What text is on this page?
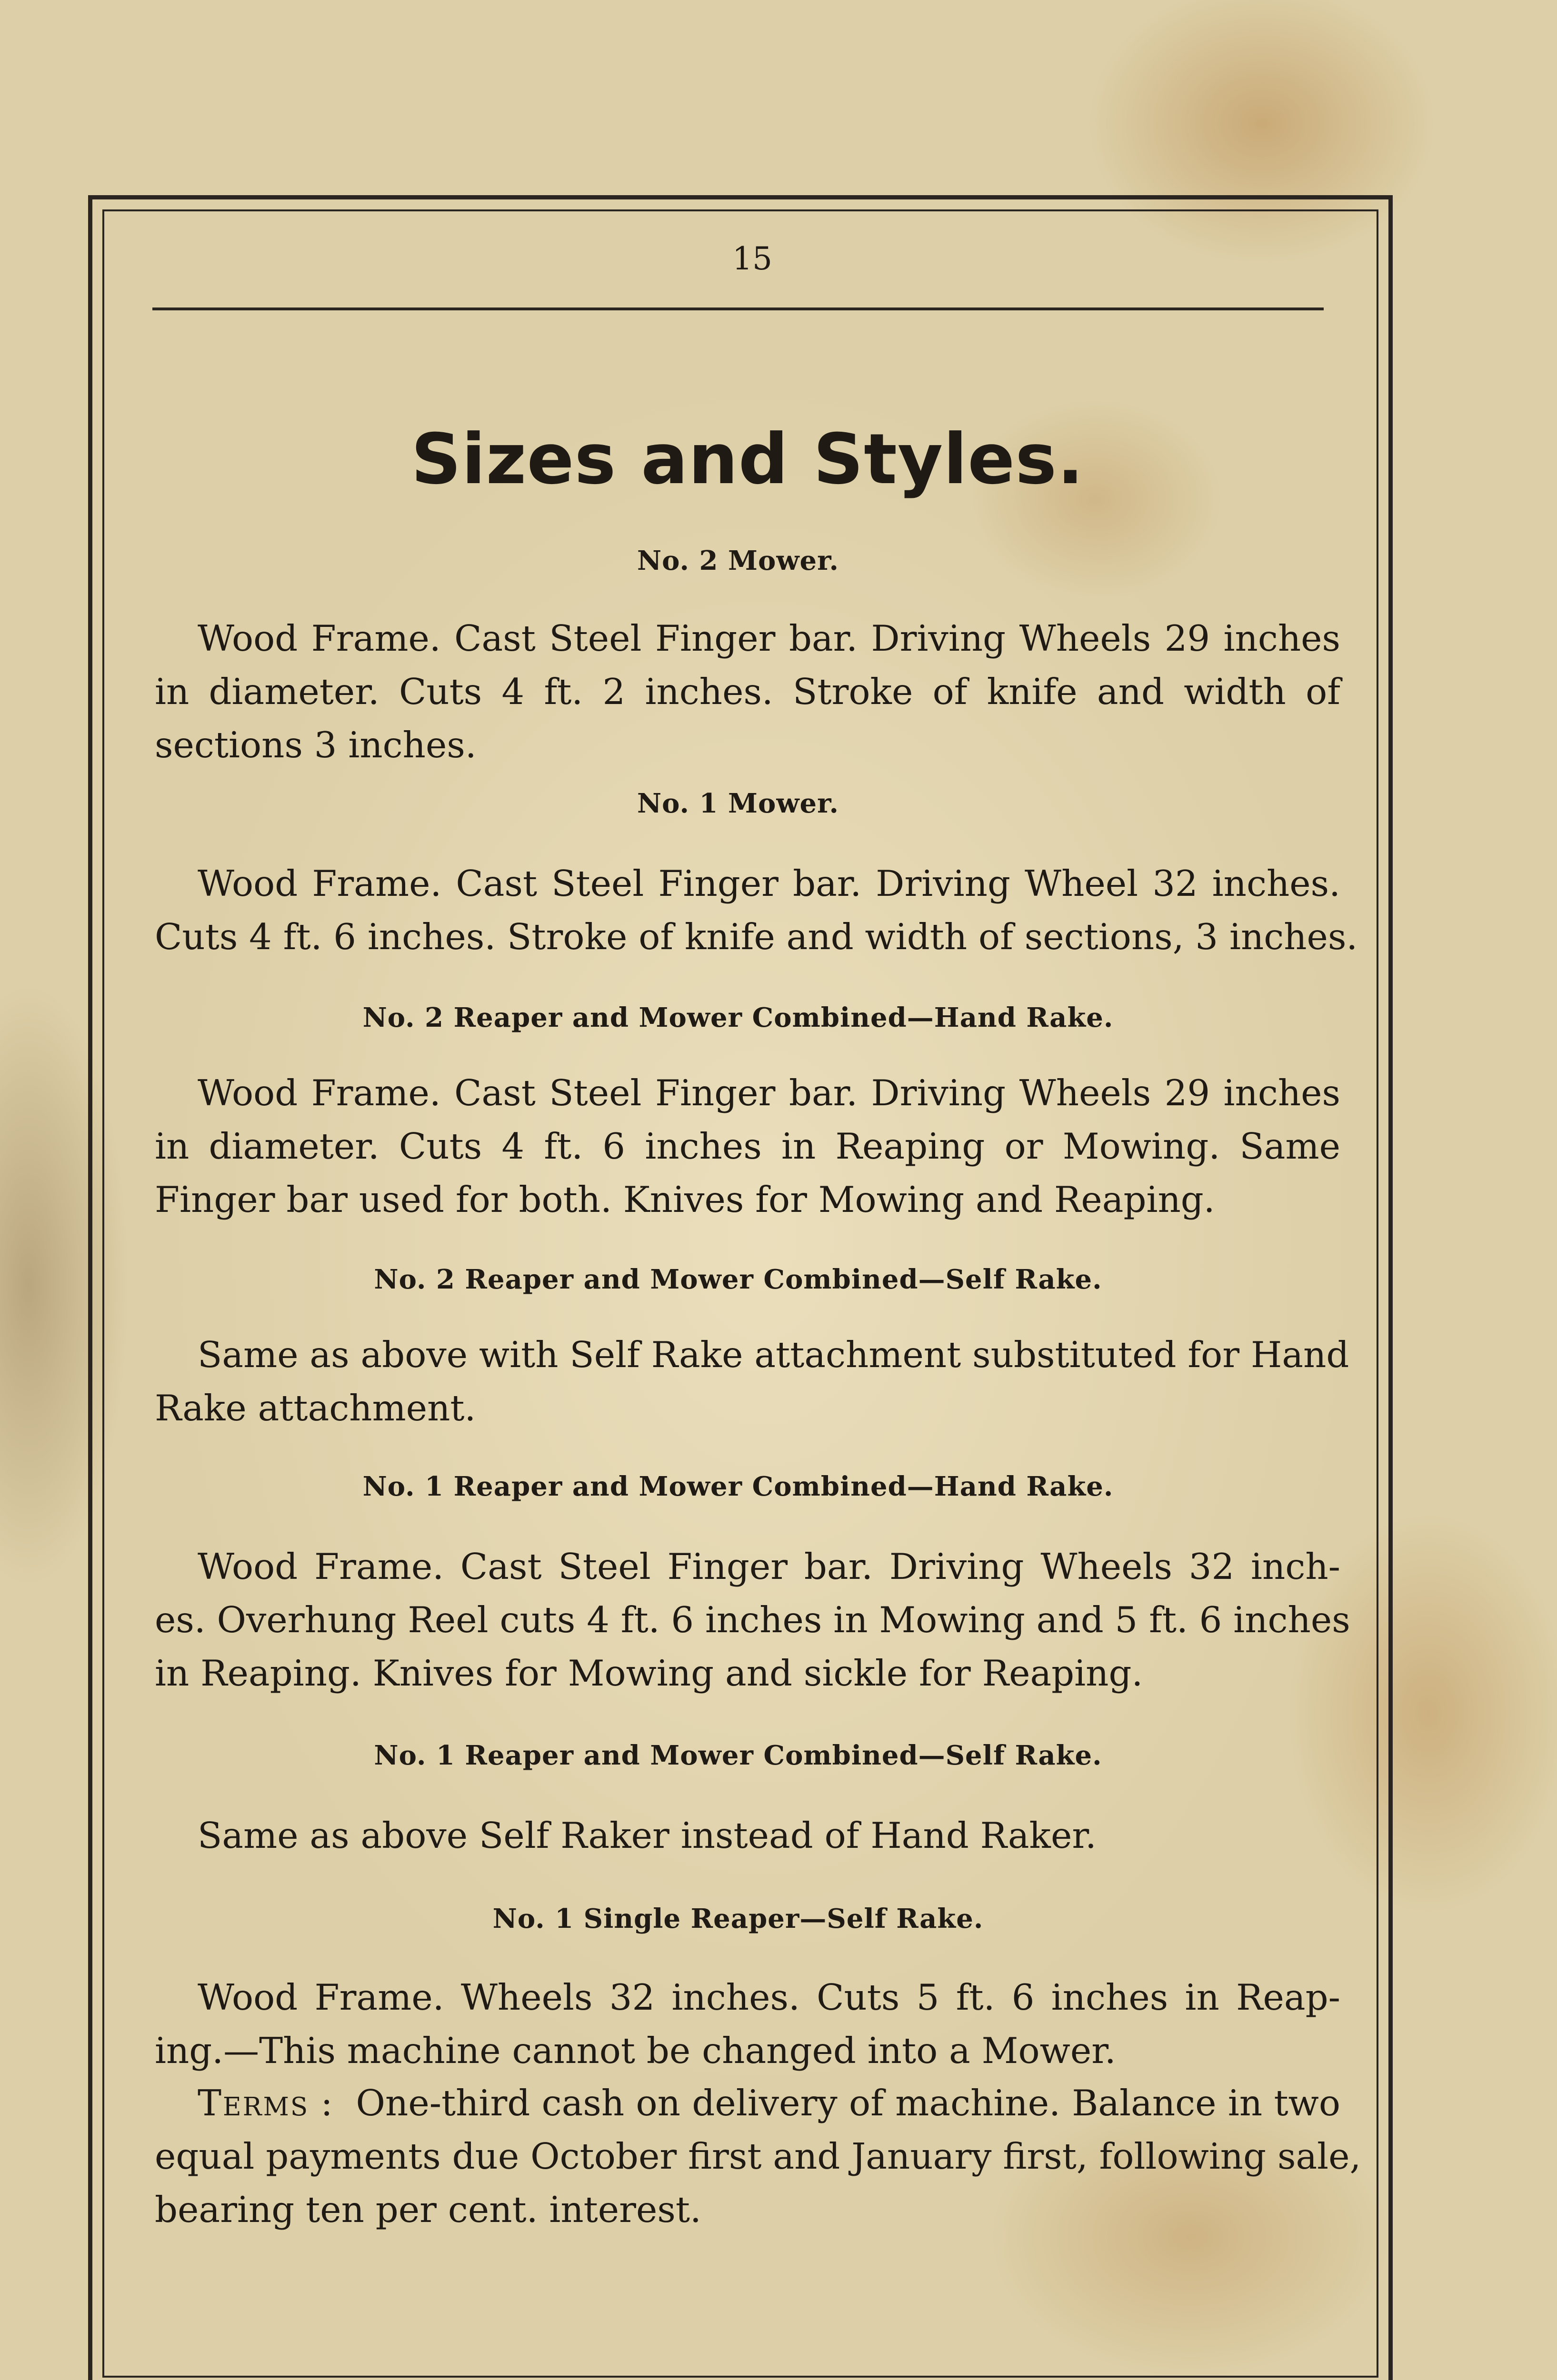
15
Sizes and Styles.
No. 2 Mower.
Wood Frame. Cast Steel Finger bar. Driving Wheels 29 inches
in diameter. Cuts 4 ft. 2 inches. Stroke of knife and width of
sections 3 inches.
No. 1 Mower.
Wood Frame. Cast Steel Finger bar. Driving Wheel 32 inches.
Cuts 4 ft. 6 inches. Stroke of knife and width of sections, 3 inches.
No. 2 Reaper and Mower Combined—Hand Rake.
Wood Frame. Cast Steel Finger bar. Driving Wheels 29 inches
in diameter. Cuts 4 ft. 6 inches in Reaping or Mowing. Same
Finger bar used for both. Knives for Mowing and Reaping.
No. 2 Reaper and Mower Combined—Self Rake.
Same as above with Self Rake attachment substituted for Hand
Rake attachment.
No. 1 Reaper and Mower Combined—Hand Rake.
Wood Frame. Cast Steel Finger bar. Driving Wheels 32 inch-
es. Overhung Reel cuts 4 ft. 6 inches in Mowing and 5 ft. 6 inches
in Reaping. Knives for Mowing and sickle for Reaping.
No. 1 Reaper and Mower Combined—Self Rake.
Same as above Self Raker instead of Hand Raker.
No. 1 Single Reaper—Self Rake.
Wood Frame. Wheels 32 inches. Cuts 5 ft. 6 inches in Reap-
ing.—This machine cannot be changed into a Mower.
Terms : One-third cash on delivery of machine. Balance in two
equal payments due October first and January first, following sale,
bearing ten per cent. interest.
